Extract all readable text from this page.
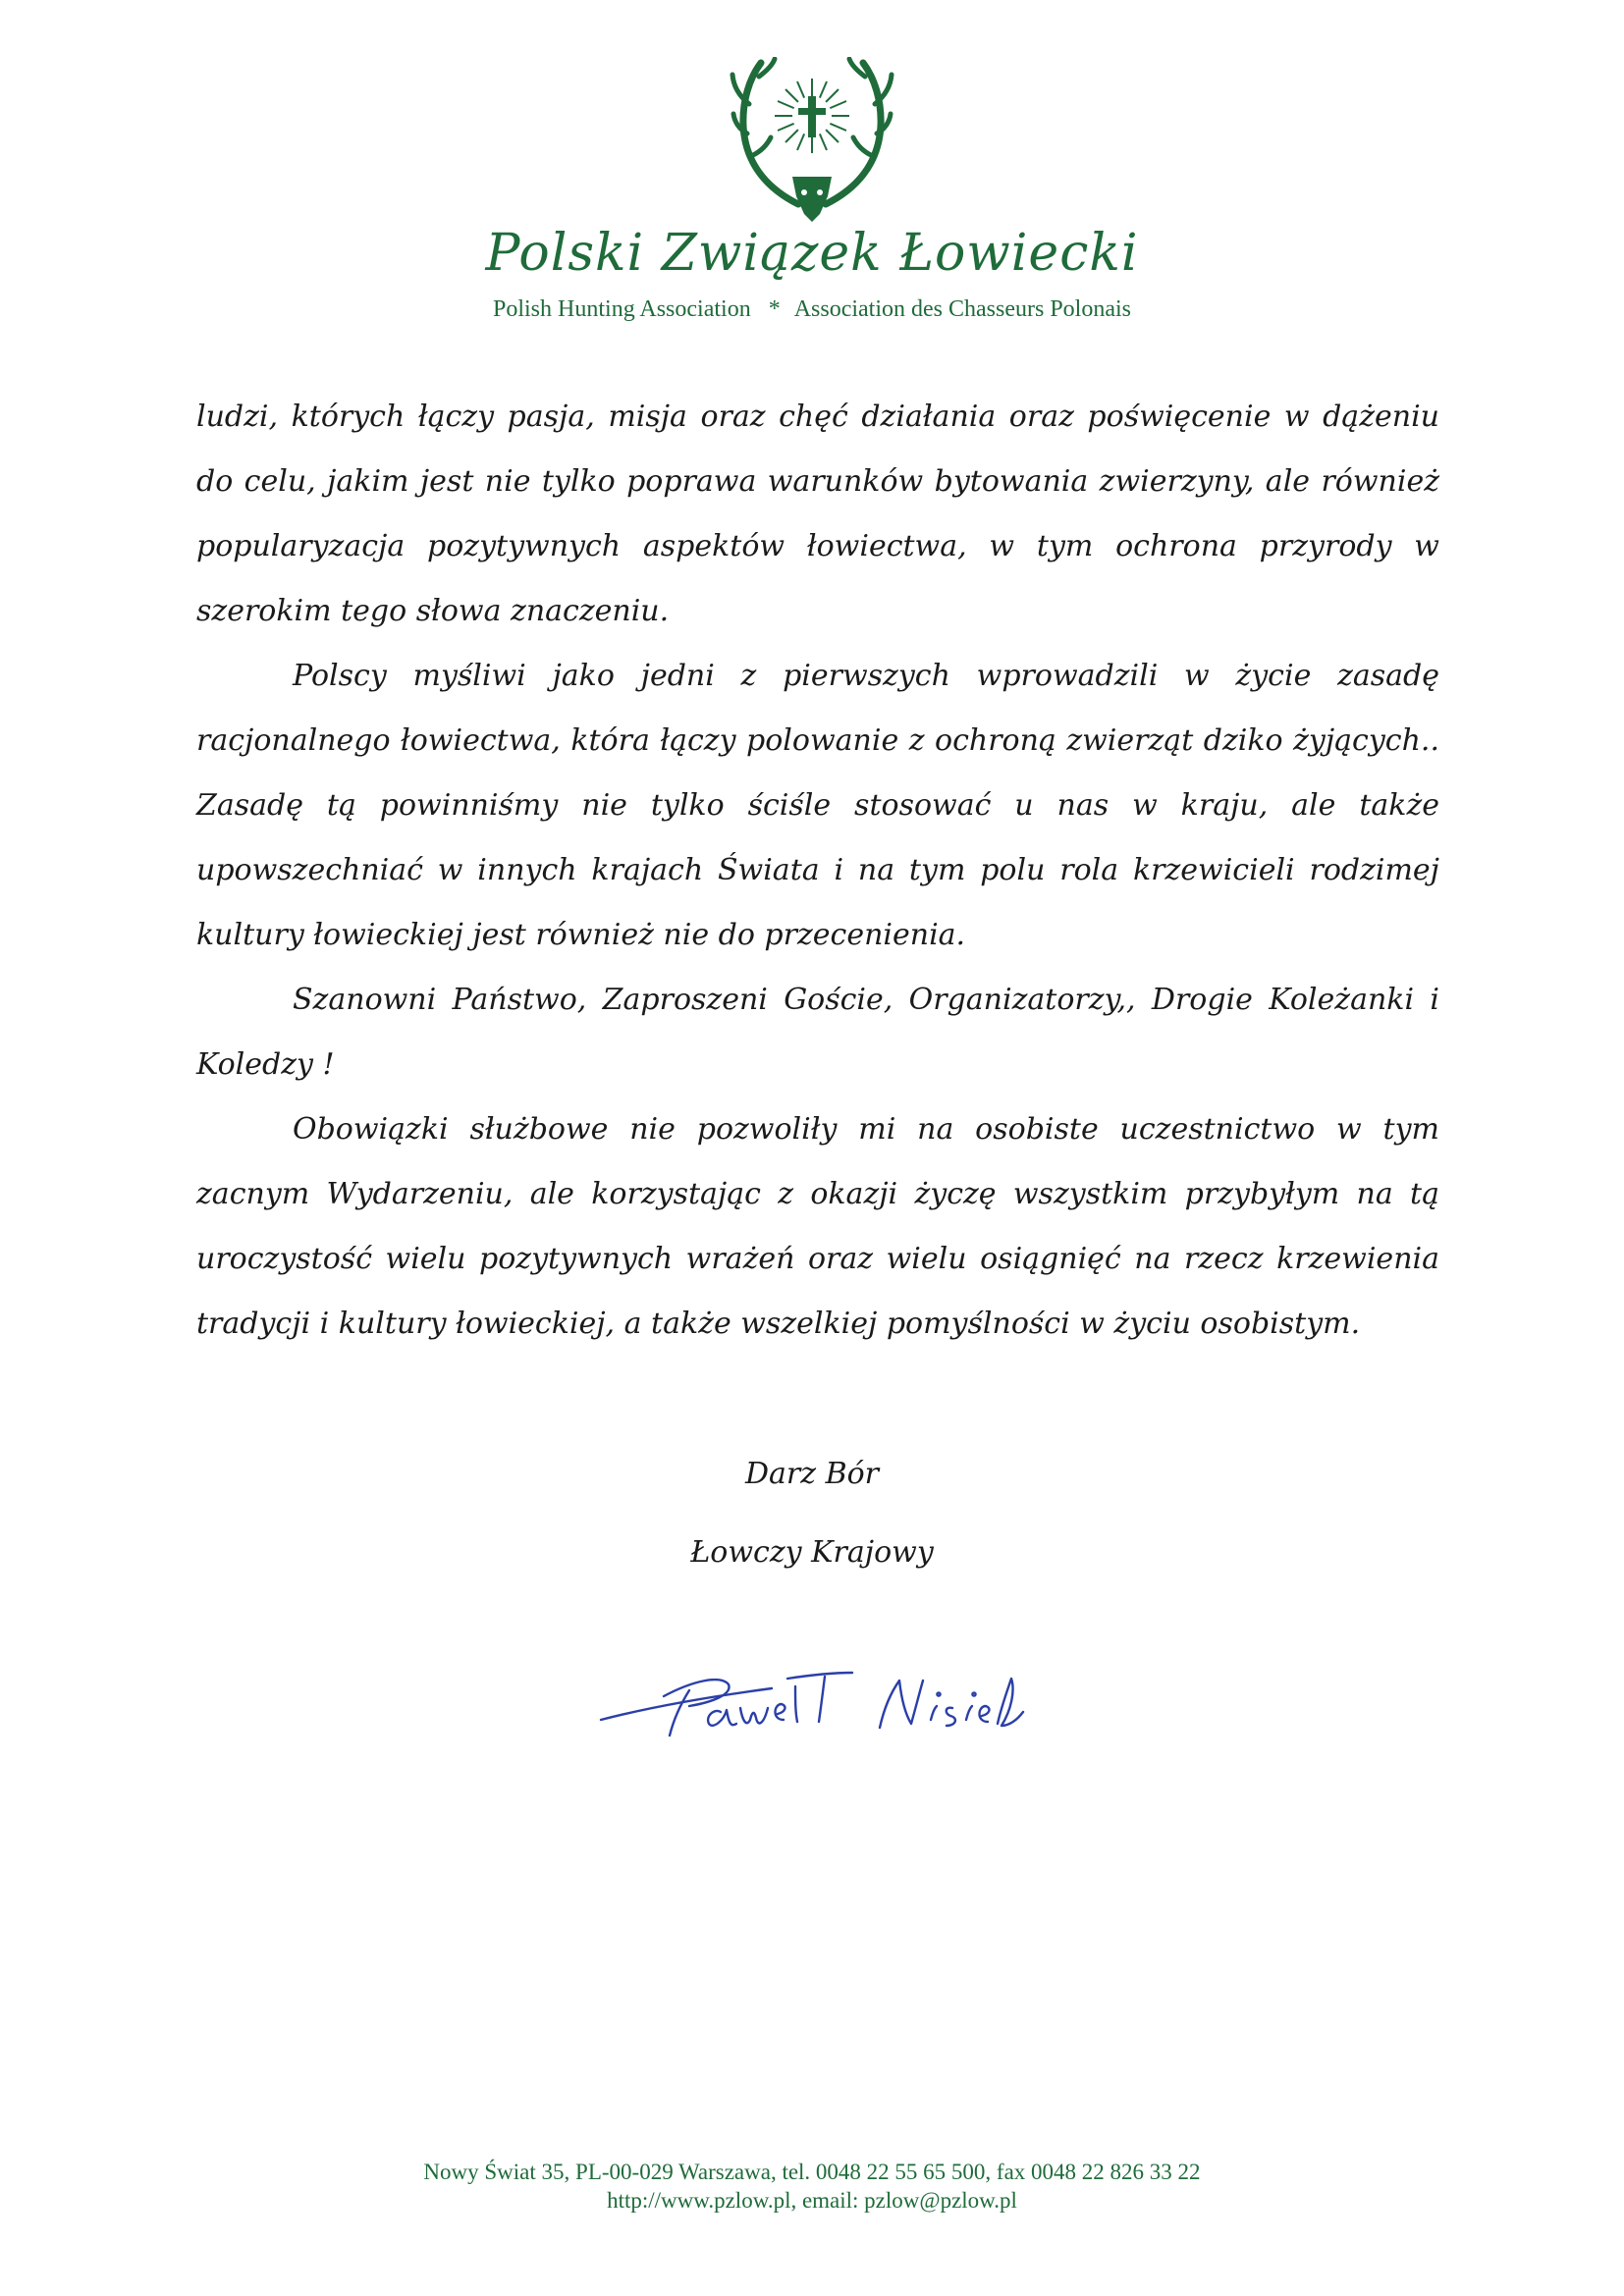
Polski Związek Łowiecki
Polish Hunting Association * Association des Chasseurs Polonais

ludzi, których łączy pasja, misja oraz chęć działania oraz poświęcenie w dążeniu do celu, jakim jest nie tylko poprawa warunków bytowania zwierzyny, ale również popularyzacja pozytywnych aspektów łowiectwa, w tym ochrona przyrody w szerokim tego słowa znaczeniu.

Polscy myśliwi jako jedni z pierwszych wprowadzili w życie zasadę racjonalnego łowiectwa, która łączy polowanie z ochroną zwierząt dziko żyjących.. Zasadę tą powinniśmy nie tylko ściśle stosować u nas w kraju, ale także upowszechniać w innych krajach Świata i na tym polu rola krzewicieli rodzimej kultury łowieckiej jest również nie do przecenienia.

Szanowni Państwo, Zaproszeni Goście, Organizatorzy,, Drogie Koleżanki i Koledzy !

Obowiązki służbowe nie pozwoliły mi na osobiste uczestnictwo w tym zacnym Wydarzeniu, ale korzystając z okazji życzę wszystkim przybyłym na tą uroczystość wielu pozytywnych wrażeń oraz wielu osiągnięć na rzecz krzewienia tradycji i kultury łowieckiej, a także wszelkiej pomyślności w życiu osobistym.

Darz Bór
Łowczy Krajowy
Nowy Świat 35, PL-00-029 Warszawa, tel. 0048 22 55 65 500, fax 0048 22 826 33 22
http://www.pzlow.pl, email: pzlow@pzlow.pl
